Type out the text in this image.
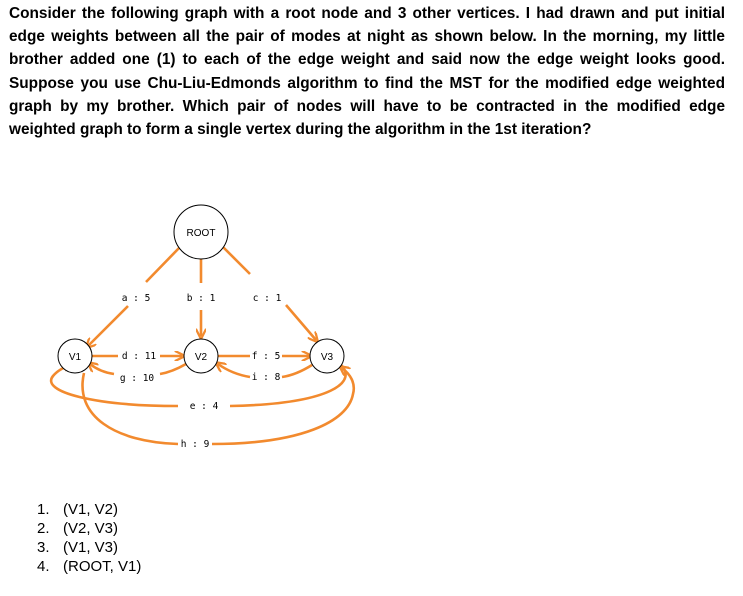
Consider the following graph with a root node and 3 other vertices. I had drawn and put initial edge weights between all the pair of modes at night as shown below. In the morning, my little brother added one (1) to each of the edge weight and said now the edge weight looks good. Suppose you use Chu-Liu-Edmonds algorithm to find the MST for the modified edge weighted graph by my brother. Which pair of nodes will have to be contracted in the modified edge weighted graph to form a single vertex during the algorithm in the 1st iteration?

a : 5	b : 1	c : 1
d : 11
g : 10
f : 5
i : 8
e : 4
h : 9
ROOT
V1	V2	V3
1. (V1, V2)
2. (V2, V3)
3. (V1, V3)
4. (ROOT, V1)
